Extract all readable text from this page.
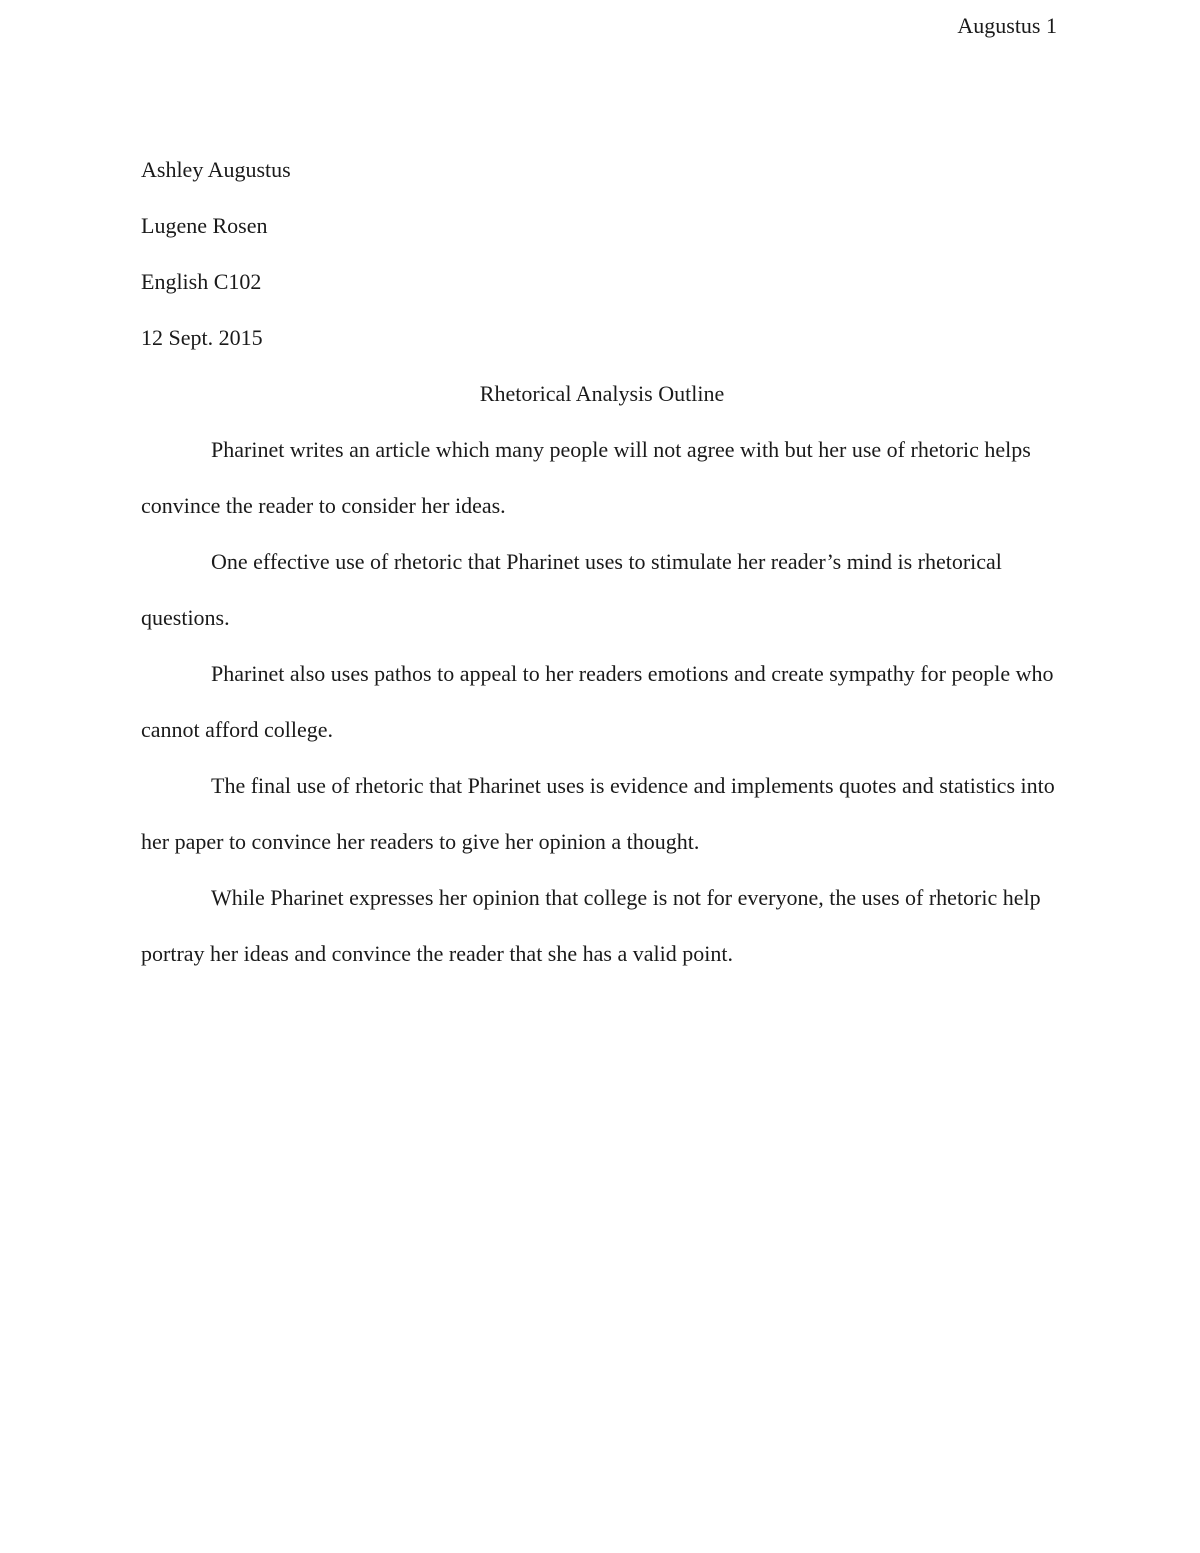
Augustus 1
Ashley Augustus
Lugene Rosen
English C102
12 Sept. 2015
Rhetorical Analysis Outline

Pharinet writes an article which many people will not agree with but her use of rhetoric helps convince the reader to consider her ideas.

One effective use of rhetoric that Pharinet uses to stimulate her reader’s mind is rhetorical questions.

Pharinet also uses pathos to appeal to her readers emotions and create sympathy for people who cannot afford college.

The final use of rhetoric that Pharinet uses is evidence and implements quotes and statistics into her paper to convince her readers to give her opinion a thought.

While Pharinet expresses her opinion that college is not for everyone, the uses of rhetoric help portray her ideas and convince the reader that she has a valid point.
